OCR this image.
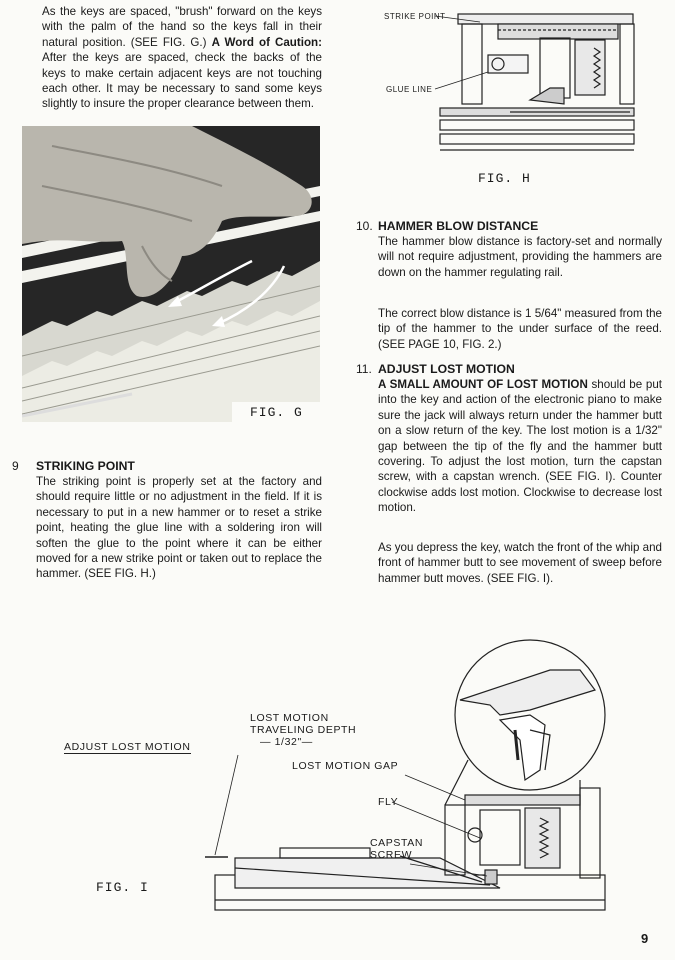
As the keys are spaced, "brush" forward on the keys with the palm of the hand so the keys fall in their natural position. (SEE FIG. G.) A Word of Caution: After the keys are spaced, check the backs of the keys to make certain adjacent keys are not touching each other. It may be necessary to sand some keys slightly to insure the proper clearance between them.
FIG. G
9 STRIKING POINT
The striking point is properly set at the factory and should require little or no adjustment in the field. If it is necessary to put in a new hammer or to reset a strike point, heating the glue line with a soldering iron will soften the glue to the point where it can be either moved for a new strike point or taken out to replace the hammer. (SEE FIG. H.)
STRIKE POINT
GLUE LINE
FIG. H
10. HAMMER BLOW DISTANCE
The hammer blow distance is factory-set and normally will not require adjustment, providing the hammers are down on the hammer regulating rail.
The correct blow distance is 1 5/64" measured from the tip of the hammer to the under surface of the reed. (SEE PAGE 10, FIG. 2.)
11. ADJUST LOST MOTION
A SMALL AMOUNT OF LOST MOTION should be put into the key and action of the electronic piano to make sure the jack will always return under the hammer butt on a slow return of the key. The lost motion is a 1/32" gap between the tip of the fly and the hammer butt covering. To adjust the lost motion, turn the capstan screw, with a capstan wrench. (SEE FIG. I). Counter clockwise adds lost motion. Clockwise to decrease lost motion.
As you depress the key, watch the front of the whip and front of hammer butt to see movement of sweep before hammer butt moves. (SEE FIG. I).
ADJUST LOST MOTION
LOST MOTION
TRAVELING DEPTH
— 1/32"—
LOST MOTION GAP
FLY
CAPSTAN
SCREW
FIG. I
9
